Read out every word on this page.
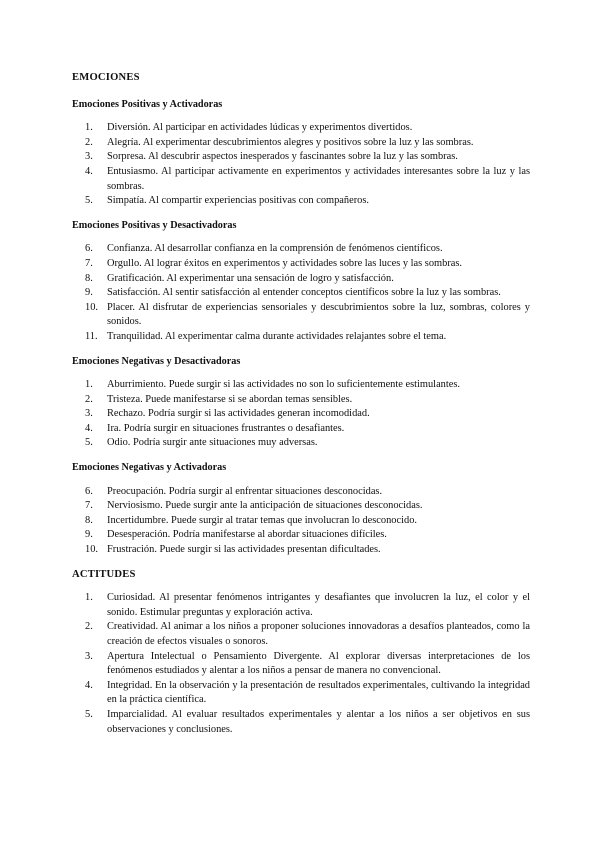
EMOCIONES

Emociones Positivas y Activadoras

1.	Diversión. Al participar en actividades lúdicas y experimentos divertidos.
2.	Alegría. Al experimentar descubrimientos alegres y positivos sobre la luz y las sombras.
3.	Sorpresa. Al descubrir aspectos inesperados y fascinantes sobre la luz y las sombras.
4.	Entusiasmo. Al participar activamente en experimentos y actividades interesantes sobre la luz y las sombras.
5.	Simpatía. Al compartir experiencias positivas con compañeros.

Emociones Positivas y Desactivadoras

6.	Confianza. Al desarrollar confianza en la comprensión de fenómenos científicos.
7.	Orgullo. Al lograr éxitos en experimentos y actividades sobre las luces y las sombras.
8.	Gratificación. Al experimentar una sensación de logro y satisfacción.
9.	Satisfacción. Al sentir satisfacción al entender conceptos científicos sobre la luz y las sombras.
10. Placer. Al disfrutar de experiencias sensoriales y descubrimientos sobre la luz, sombras, colores y sonidos.
11. Tranquilidad. Al experimentar calma durante actividades relajantes sobre el tema.

Emociones Negativas y Desactivadoras

1.	Aburrimiento. Puede surgir si las actividades no son lo suficientemente estimulantes.
2.	Tristeza. Puede manifestarse si se abordan temas sensibles.
3.	Rechazo. Podría surgir si las actividades generan incomodidad.
4.	Ira. Podría surgir en situaciones frustrantes o desafiantes.
5.	Odio. Podría surgir ante situaciones muy adversas.

Emociones Negativas y Activadoras

6.	Preocupación. Podría surgir al enfrentar situaciones desconocidas.
7.	Nerviosismo. Puede surgir ante la anticipación de situaciones desconocidas.
8.	Incertidumbre. Puede surgir al tratar temas que involucran lo desconocido.
9.	Desesperación. Podría manifestarse al abordar situaciones difíciles.
10. Frustración. Puede surgir si las actividades presentan dificultades.

ACTITUDES

1.	Curiosidad. Al presentar fenómenos intrigantes y desafiantes que involucren la luz, el color y el sonido. Estimular preguntas y exploración activa.
2.	Creatividad. Al animar a los niños a proponer soluciones innovadoras a desafíos planteados, como la creación de efectos visuales o sonoros.
3.	Apertura Intelectual o Pensamiento Divergente. Al explorar diversas interpretaciones de los fenómenos estudiados y alentar a los niños a pensar de manera no convencional.
4.	Integridad. En la observación y la presentación de resultados experimentales, cultivando la integridad en la práctica científica.
5.	Imparcialidad. Al evaluar resultados experimentales y alentar a los niños a ser objetivos en sus observaciones y conclusiones.
